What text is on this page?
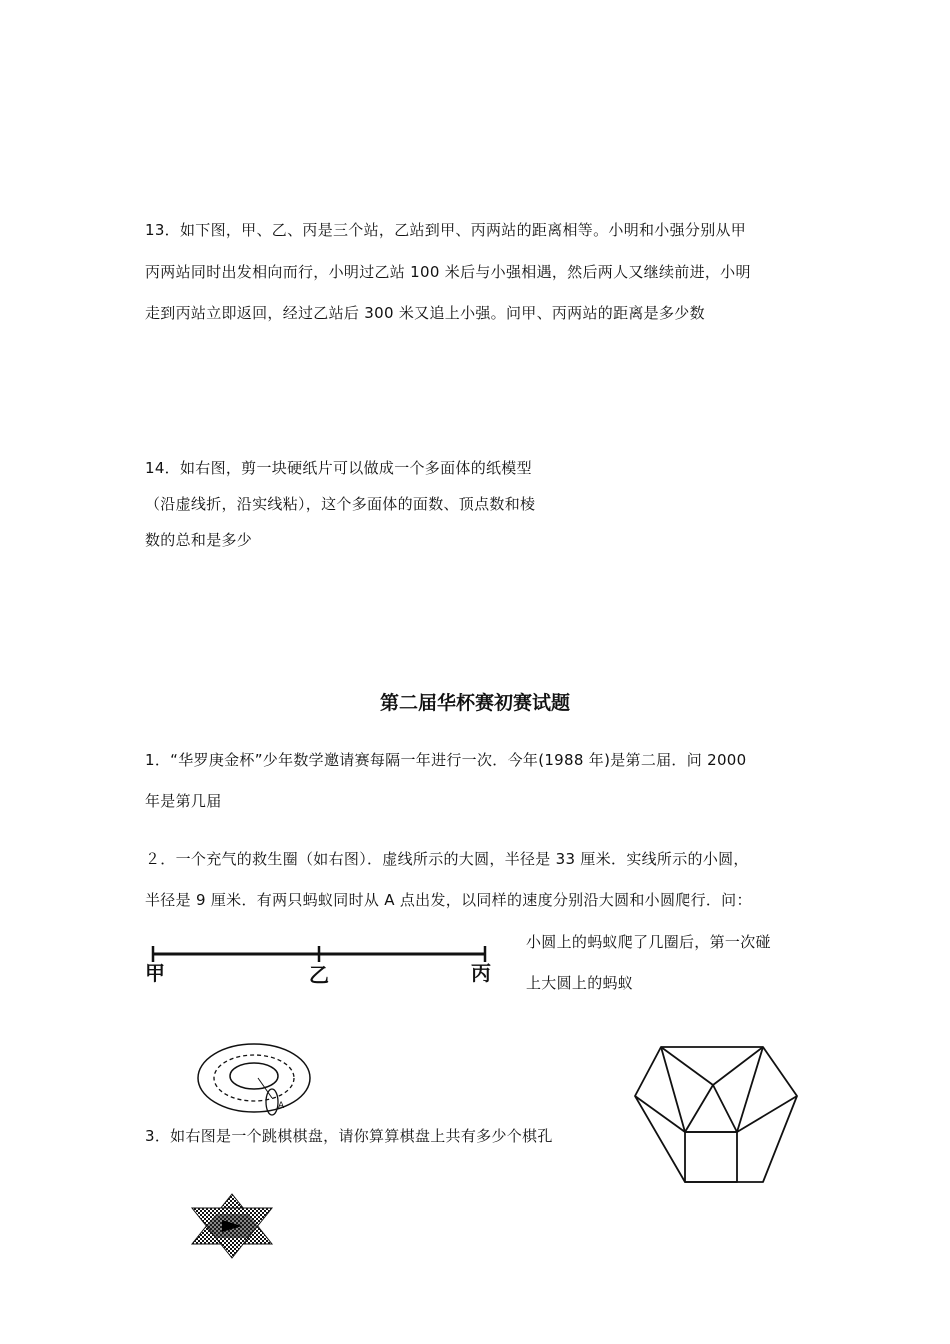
13．如下图，甲、乙、丙是三个站，乙站到甲、丙两站的距离相等。小明和小强分别从甲
丙两站同时出发相向而行，小明过乙站 100 米后与小强相遇，然后两人又继续前进，小明
走到丙站立即返回，经过乙站后 300 米又追上小强。问甲、丙两站的距离是多少数
14．如右图，剪一块硬纸片可以做成一个多面体的纸模型
（沿虚线折，沿实线粘），这个多面体的面数、顶点数和棱
数的总和是多少
第二届华杯赛初赛试题
1．“华罗庚金杯”少年数学邀请赛每隔一年进行一次．今年(1988 年)是第二届．问 2000
年是第几届
２．一个充气的救生圈（如右图）．虚线所示的大圆，半径是 33 厘米．实线所示的小圆，
半径是 9 厘米．有两只蚂蚁同时从 A 点出发，以同样的速度分别沿大圆和小圆爬行．问：
小圆上的蚂蚁爬了几圈后，第一次碰
上大圆上的蚂蚁
3．如右图是一个跳棋棋盘，请你算算棋盘上共有多少个棋孔
甲	乙	丙
A
